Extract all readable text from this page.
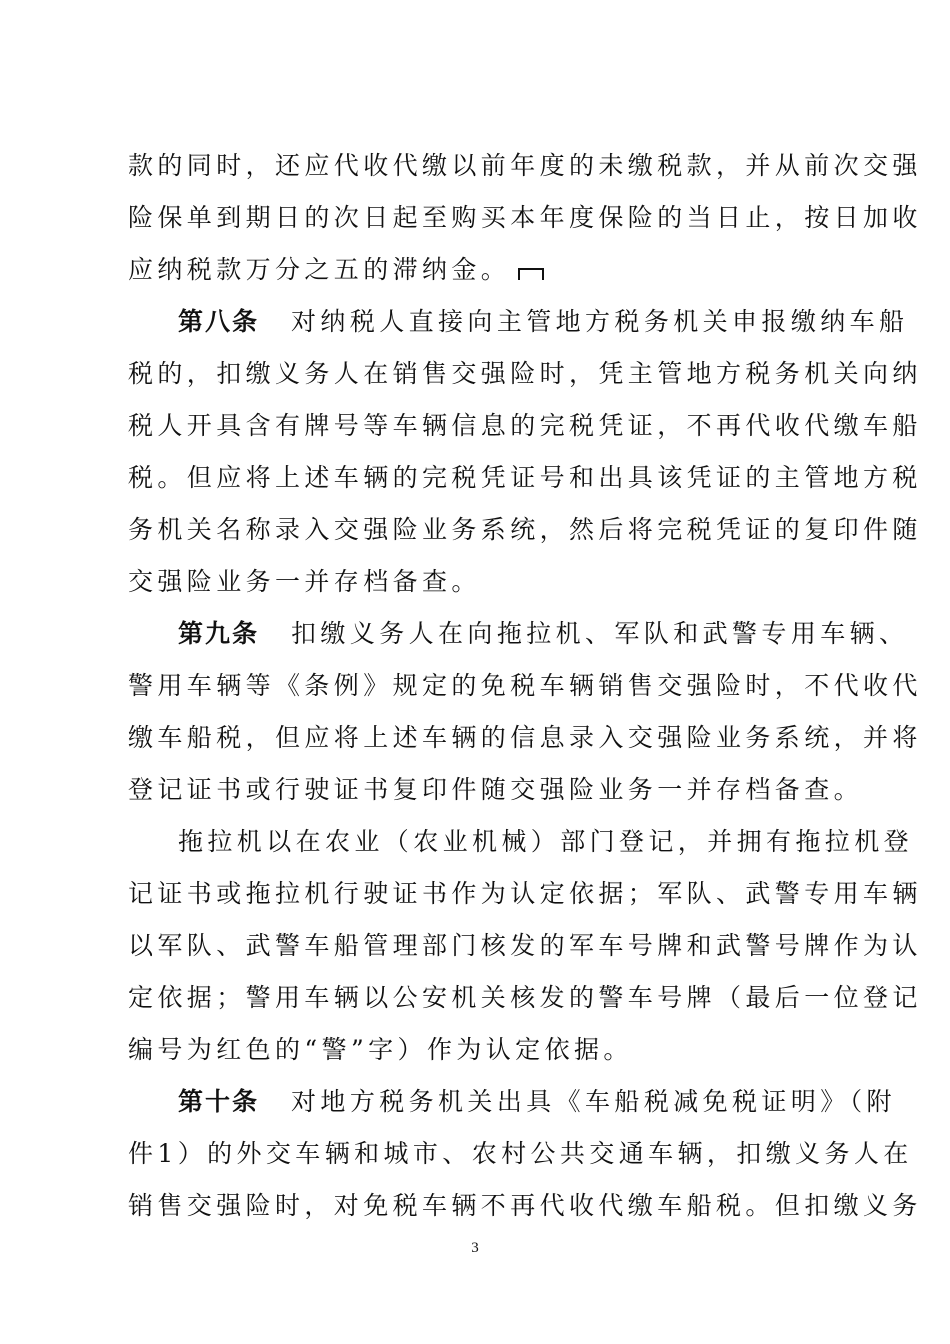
款的同时，还应代收代缴以前年度的未缴税款，并从前次交强
险保单到期日的次日起至购买本年度保险的当日止，按日加收
应纳税款万分之五的滞纳金。
第八条 对纳税人直接向主管地方税务机关申报缴纳车船
税的，扣缴义务人在销售交强险时，凭主管地方税务机关向纳
税人开具含有牌号等车辆信息的完税凭证，不再代收代缴车船
税。但应将上述车辆的完税凭证号和出具该凭证的主管地方税
务机关名称录入交强险业务系统，然后将完税凭证的复印件随
交强险业务一并存档备查。
第九条 扣缴义务人在向拖拉机、军队和武警专用车辆、
警用车辆等《条例》规定的免税车辆销售交强险时，不代收代
缴车船税，但应将上述车辆的信息录入交强险业务系统，并将
登记证书或行驶证书复印件随交强险业务一并存档备查。
拖拉机以在农业（农业机械）部门登记，并拥有拖拉机登
记证书或拖拉机行驶证书作为认定依据；军队、武警专用车辆
以军队、武警车船管理部门核发的军车号牌和武警号牌作为认
定依据；警用车辆以公安机关核发的警车号牌（最后一位登记
编号为红色的“警”字）作为认定依据。
第十条 对地方税务机关出具《车船税减免税证明》（附
件1）的外交车辆和城市、农村公共交通车辆，扣缴义务人在
销售交强险时，对免税车辆不再代收代缴车船税。但扣缴义务
3
